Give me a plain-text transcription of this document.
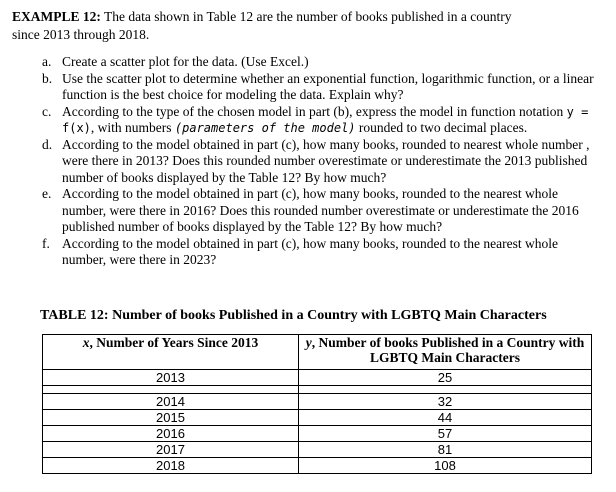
EXAMPLE 12: The data shown in Table 12 are the number of books published in a country
since 2013 through 2018.
a. Create a scatter plot for the data. (Use Excel.)
b. Use the scatter plot to determine whether an exponential function, logarithmic function, or a linear function is the best choice for modeling the data. Explain why?
c. According to the type of the chosen model in part (b), express the model in function notation y = f(x), with numbers (parameters of the model) rounded to two decimal places.
d. According to the model obtained in part (c), how many books, rounded to nearest whole number , were there in 2013? Does this rounded number overestimate or underestimate the 2013 published number of books displayed by the Table 12? By how much?
e. According to the model obtained in part (c), how many books, rounded to the nearest whole number, were there in 2016? Does this rounded number overestimate or underestimate the 2016 published number of books displayed by the Table 12? By how much?
f. According to the model obtained in part (c), how many books, rounded to the nearest whole number, were there in 2023?
TABLE 12: Number of books Published in a Country with LGBTQ Main Characters
x, Number of Years Since 2013	y, Number of books Published in a Country with LGBTQ Main Characters
2013	25

2014	32
2015	44
2016	57
2017	81
2018	108
